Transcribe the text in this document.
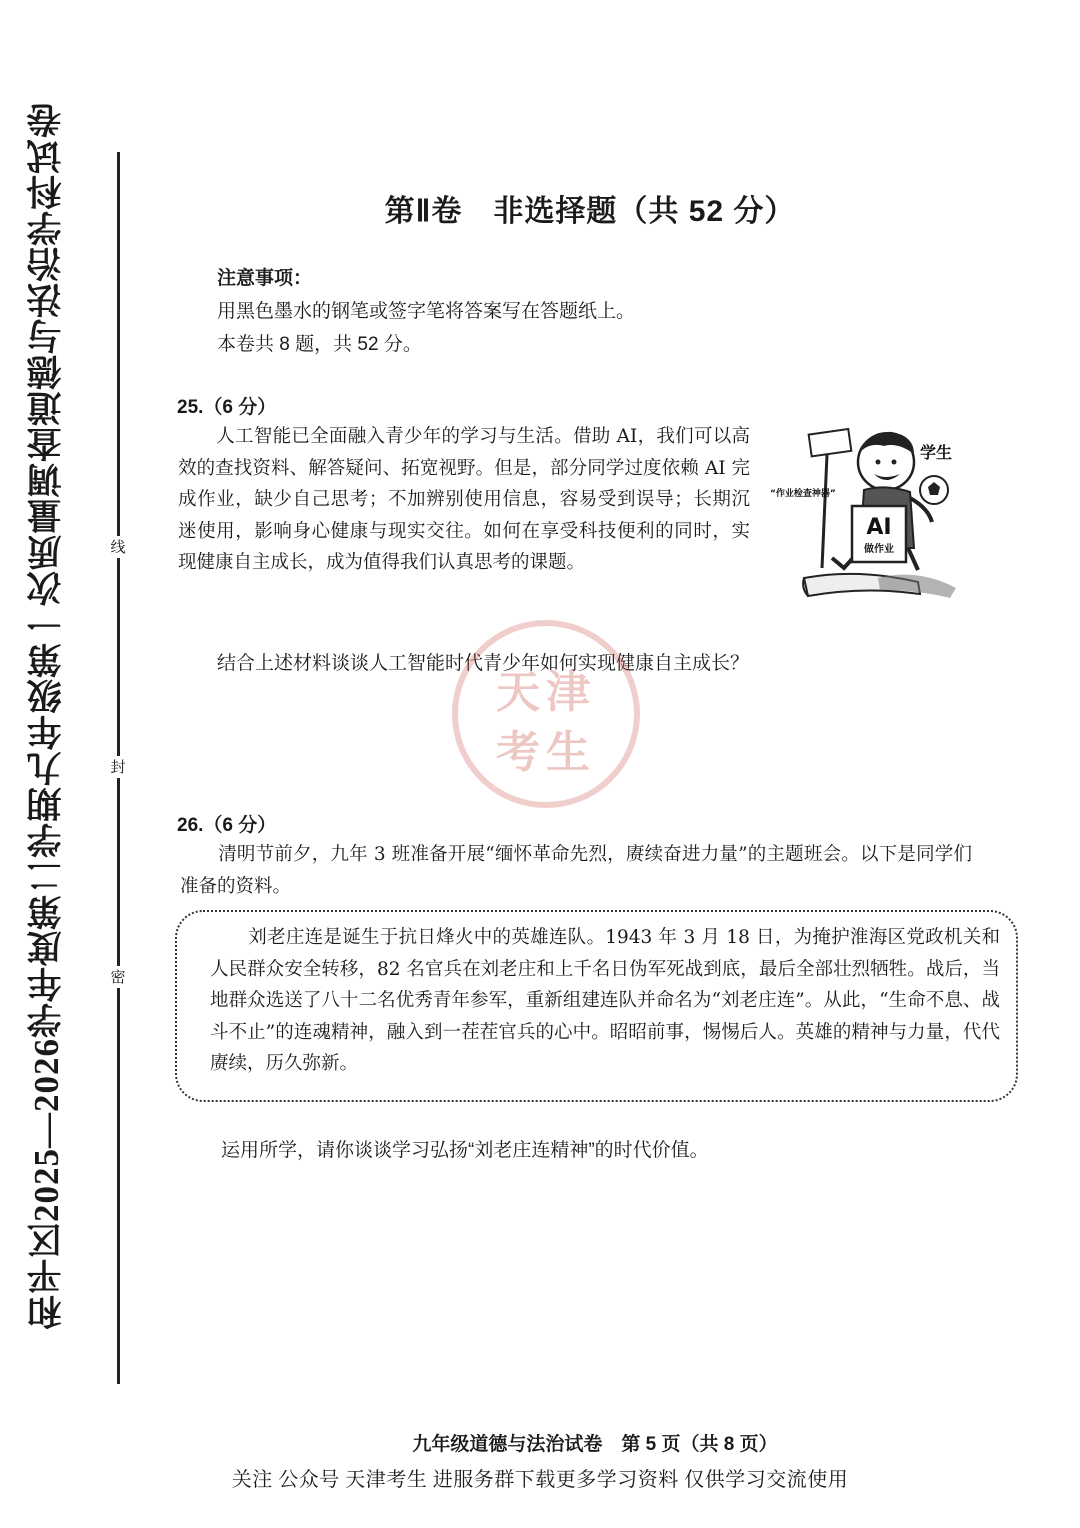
和平区2025—2026学年度第二学期九年级第一次质量调查道德与法治学科试卷	线
封
密
第Ⅱ卷　非选择题（共 52 分）
注意事项：
用黑色墨水的钢笔或签字笔将答案写在答题纸上。
本卷共 8 题，共 52 分。
25.（6 分）
人工智能已全面融入青少年的学习与生活。借助 AI，我们可以高效的查找资料、解答疑问、拓宽视野。但是，部分同学过度依赖 AI 完成作业，缺少自己思考；不加辨别使用信息，容易受到误导；长期沉迷使用，影响身心健康与现实交往。如何在享受科技便利的同时，实现健康自主成长，成为值得我们认真思考的课题。
AI
做作业
学生
“作业检查神器”
结合上述材料谈谈人工智能时代青少年如何实现健康自主成长？
天津
考生
26.（6 分）
清明节前夕，九年 3 班准备开展“缅怀革命先烈，赓续奋进力量”的主题班会。以下是同学们准备的资料。
刘老庄连是诞生于抗日烽火中的英雄连队。1943 年 3 月 18 日，为掩护淮海区党政机关和人民群众安全转移，82 名官兵在刘老庄和上千名日伪军死战到底，最后全部壮烈牺牲。战后，当地群众选送了八十二名优秀青年参军，重新组建连队并命名为“刘老庄连”。从此，“生命不息、战斗不止”的连魂精神，融入到一茬茬官兵的心中。昭昭前事，惕惕后人。英雄的精神与力量，代代赓续，历久弥新。
运用所学，请你谈谈学习弘扬“刘老庄连精神”的时代价值。
九年级道德与法治试卷　第 5 页（共 8 页）
关注 公众号 天津考生 进服务群下载更多学习资料 仅供学习交流使用
